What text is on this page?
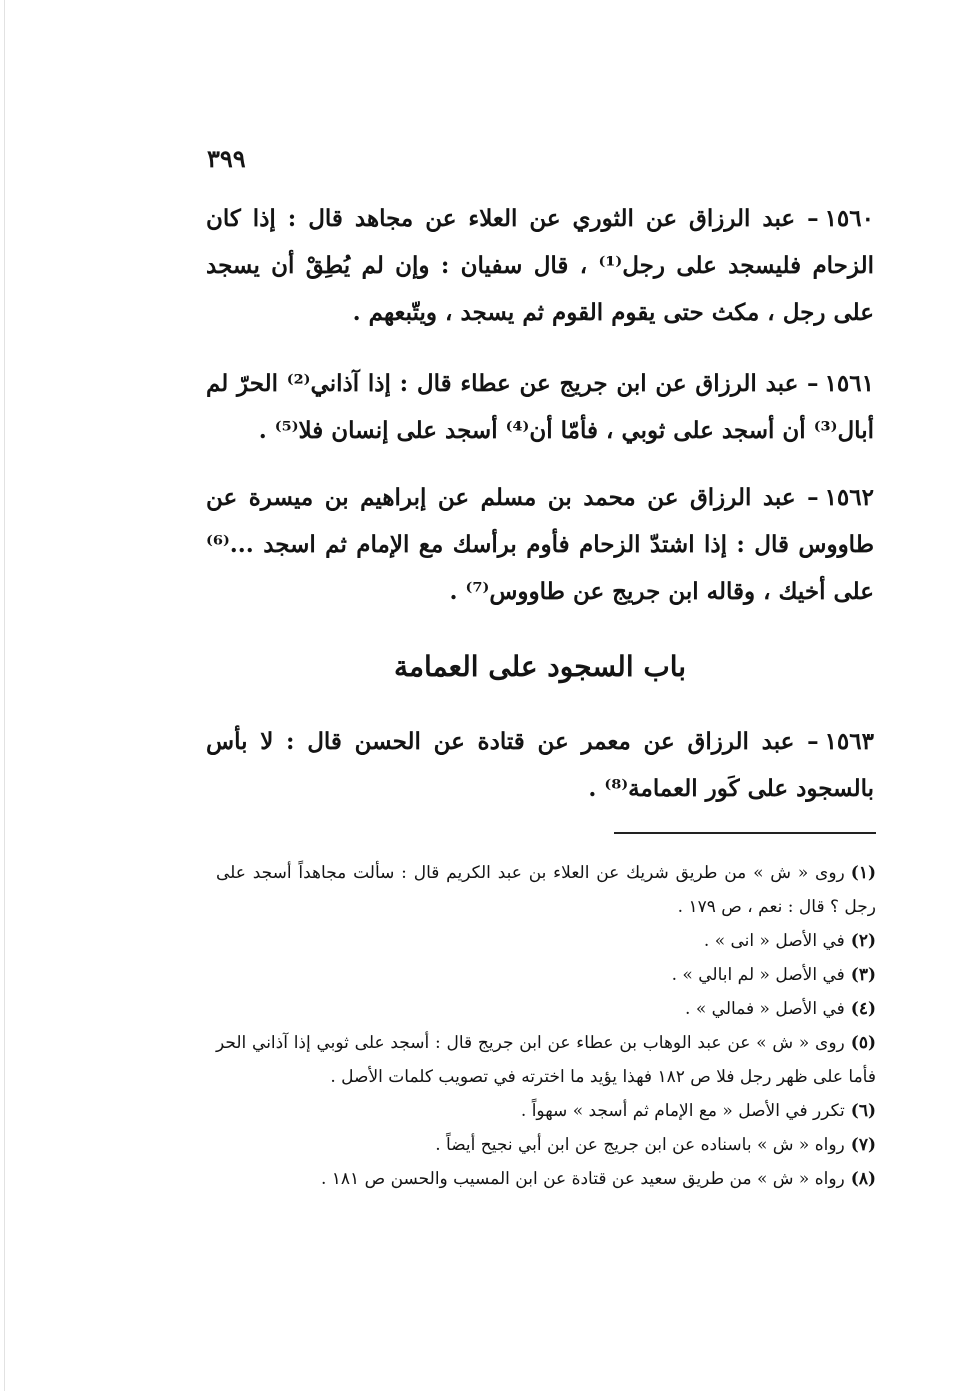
٣٩٩
١٥٦٠– عبد الرزاق عن الثوري عن العلاء عن مجاهد قال : إذا كان الزحام فليسجد على رجل⁽¹⁾ ، قال سفيان : وإن لم يُطِقْ أن يسجد على رجل ، مكث حتى يقوم القوم ثم يسجد ، ويتّبعهم .
١٥٦١– عبد الرزاق عن ابن جريج عن عطاء قال : إذا آذاني⁽²⁾ الحرّ لم أبال⁽³⁾ أن أسجد على ثوبي ، فأمّا أن⁽⁴⁾ أسجد على إنسان فلا⁽⁵⁾ .
١٥٦٢– عبد الرزاق عن محمد بن مسلم عن إبراهيم بن ميسرة عن طاووس قال : إذا اشتدّ الزحام فأوم برأسك مع الإمام ثم اسجد ...⁽⁶⁾ على أخيك ، وقاله ابن جريج عن طاووس⁽⁷⁾ .
باب السجود على العمامة
١٥٦٣– عبد الرزاق عن معمر عن قتادة عن الحسن قال : لا بأس بالسجود على كَور العمامة⁽⁸⁾ .

(١)روى « ش » من طريق شريك عن العلاء بن عبد الكريم قال : سألت مجاهداً أسجد على رجل ؟ قال : نعم ، ص ١٧٩ .

(٢)في الأصل « انى » .

(٣)في الأصل « لم ابالي » .

(٤)في الأصل « فمالي » .

(٥)روى « ش » عن عبد الوهاب بن عطاء عن ابن جريج قال : أسجد على ثوبي إذا آذاني الحر فأما على ظهر رجل فلا ص ١٨٢ فهذا يؤيد ما اخترته في تصويب كلمات الأصل .

(٦)تكرر في الأصل « مع الإمام ثم أسجد » سهواً .

(٧)رواه « ش » باسناده عن ابن جريج عن ابن أبي نجيح أيضاً .

(٨)رواه « ش » من طريق سعيد عن قتادة عن ابن المسيب والحسن ص ١٨١ .
